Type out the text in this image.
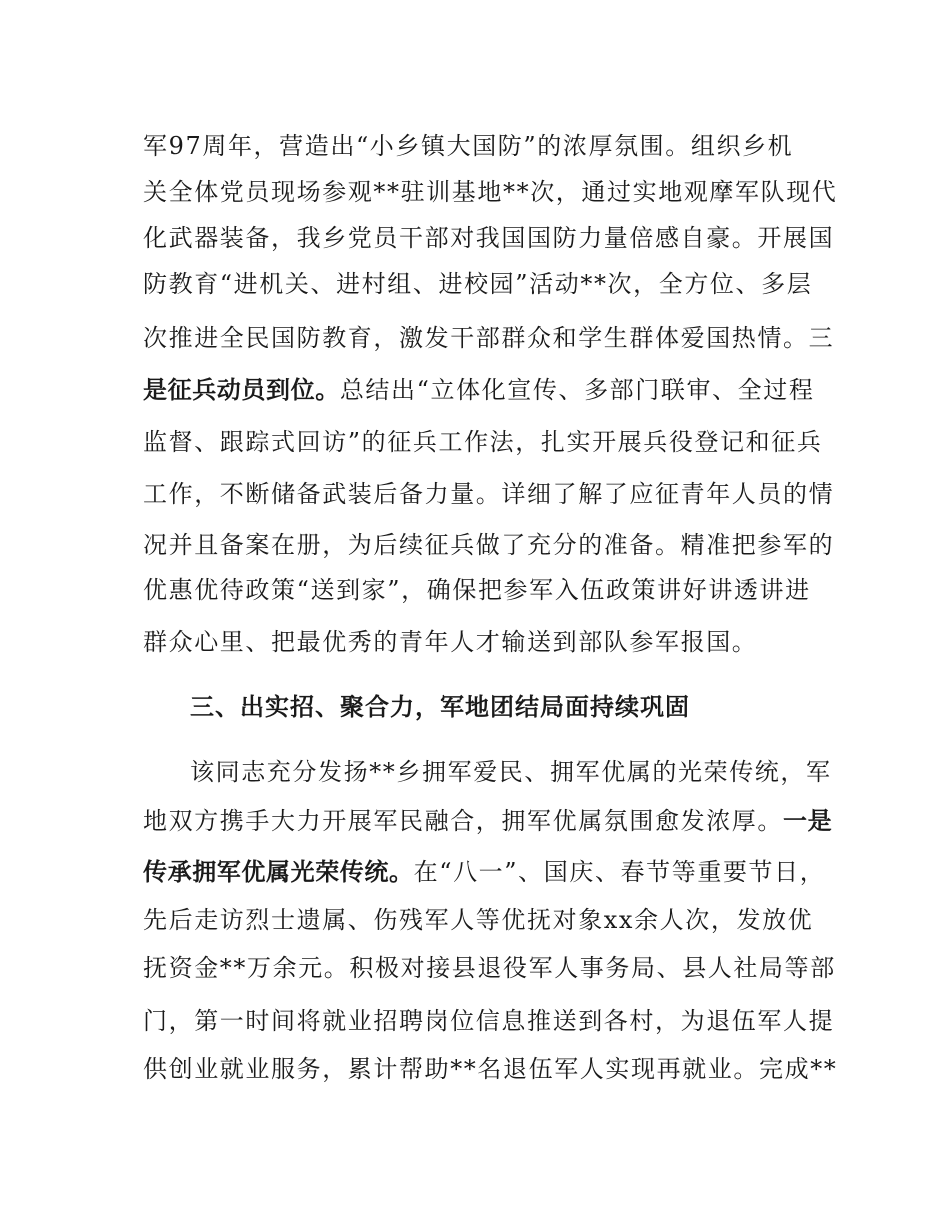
军97周年，营造出“小乡镇大国防”的浓厚氛围。组织乡机
关全体党员现场参观**驻训基地**次，通过实地观摩军队现代
化武器装备，我乡党员干部对我国国防力量倍感自豪。开展国
防教育“进机关、进村组、进校园”活动**次，全方位、多层
次推进全民国防教育，激发干部群众和学生群体爱国热情。三
是征兵动员到位。总结出“立体化宣传、多部门联审、全过程
监督、跟踪式回访”的征兵工作法，扎实开展兵役登记和征兵
工作，不断储备武装后备力量。详细了解了应征青年人员的情
况并且备案在册，为后续征兵做了充分的准备。精准把参军的
优惠优待政策“送到家”，确保把参军入伍政策讲好讲透讲进
群众心里、把最优秀的青年人才输送到部队参军报国。
三、出实招、聚合力，军地团结局面持续巩固
该同志充分发扬**乡拥军爱民、拥军优属的光荣传统，军
地双方携手大力开展军民融合，拥军优属氛围愈发浓厚。一是
传承拥军优属光荣传统。在“八一”、国庆、春节等重要节日，
先后走访烈士遗属、伤残军人等优抚对象xx余人次，发放优
抚资金**万余元。积极对接县退役军人事务局、县人社局等部
门，第一时间将就业招聘岗位信息推送到各村，为退伍军人提
供创业就业服务，累计帮助**名退伍军人实现再就业。完成**
